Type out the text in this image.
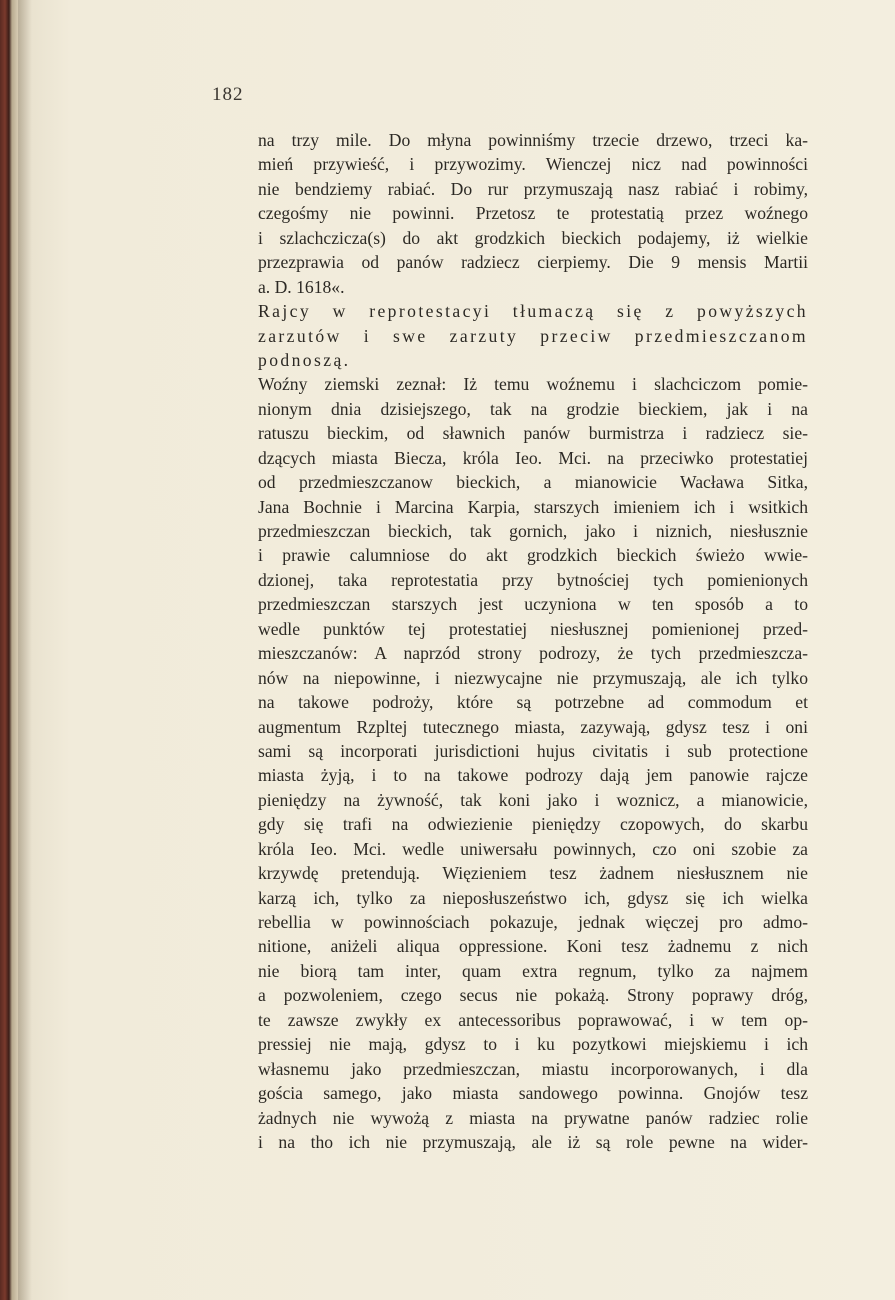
182
na trzy mile. Do młyna powinniśmy trzecie drzewo, trzeci ka-
mień przywieść, i przywozimy. Wienczej nicz nad powinności
nie bendziemy rabiać. Do rur przymuszają nasz rabiać i robimy,
czegośmy nie powinni. Przetosz te protestatią przez woźnego
i szlachczicza(s) do akt grodzkich bieckich podajemy, iż wielkie
przezprawia od panów radziecz cierpiemy. Die 9 mensis Martii
a. D. 1618«.
Rajcy w reprotestacyi tłumaczą się z powyższych
zarzutów i swe zarzuty przeciw przedmieszczanom
podnoszą.
Woźny ziemski zeznał: Iż temu woźnemu i slachciczom pomie-
nionym dnia dzisiejszego, tak na grodzie bieckiem, jak i na
ratuszu bieckim, od sławnich panów burmistrza i radziecz sie-
dzących miasta Biecza, króla Ieo. Mci. na przeciwko protestatiej
od przedmieszczanow bieckich, a mianowicie Wacława Sitka,
Jana Bochnie i Marcina Karpia, starszych imieniem ich i wsitkich
przedmieszczan bieckich, tak gornich, jako i niznich, niesłusznie
i prawie calumniose do akt grodzkich bieckich świeżo wwie-
dzionej, taka reprotestatia przy bytnościej tych pomienionych
przedmieszczan starszych jest uczyniona w ten sposób a to
wedle punktów tej protestatiej niesłusznej pomienionej przed-
mieszczanów: A naprzód strony podrozy, że tych przedmieszcza-
nów na niepowinne, i niezwycajne nie przymuszają, ale ich tylko
na takowe podroży, które są potrzebne ad commodum et
augmentum Rzpltej tutecznego miasta, zazywają, gdysz tesz i oni
sami są incorporati jurisdictioni hujus civitatis i sub protectione
miasta żyją, i to na takowe podrozy dają jem panowie rajcze
pieniędzy na żywność, tak koni jako i woznicz, a mianowicie,
gdy się trafi na odwiezienie pieniędzy czopowych, do skarbu
króla Ieo. Mci. wedle uniwersału powinnych, czo oni szobie za
krzywdę pretendują. Więzieniem tesz żadnem niesłusznem nie
karzą ich, tylko za nieposłuszeństwo ich, gdysz się ich wielka
rebellia w powinnościach pokazuje, jednak więczej pro admo-
nitione, aniżeli aliqua oppressione. Koni tesz żadnemu z nich
nie biorą tam inter, quam extra regnum, tylko za najmem
a pozwoleniem, czego secus nie pokażą. Strony poprawy dróg,
te zawsze zwykły ex antecessoribus poprawować, i w tem op-
pressiej nie mają, gdysz to i ku pozytkowi miejskiemu i ich
własnemu jako przedmieszczan, miastu incorporowanych, i dla
gościa samego, jako miasta sandowego powinna. Gnojów tesz
żadnych nie wywożą z miasta na prywatne panów radziec rolie
i na tho ich nie przymuszają, ale iż są role pewne na wider-
